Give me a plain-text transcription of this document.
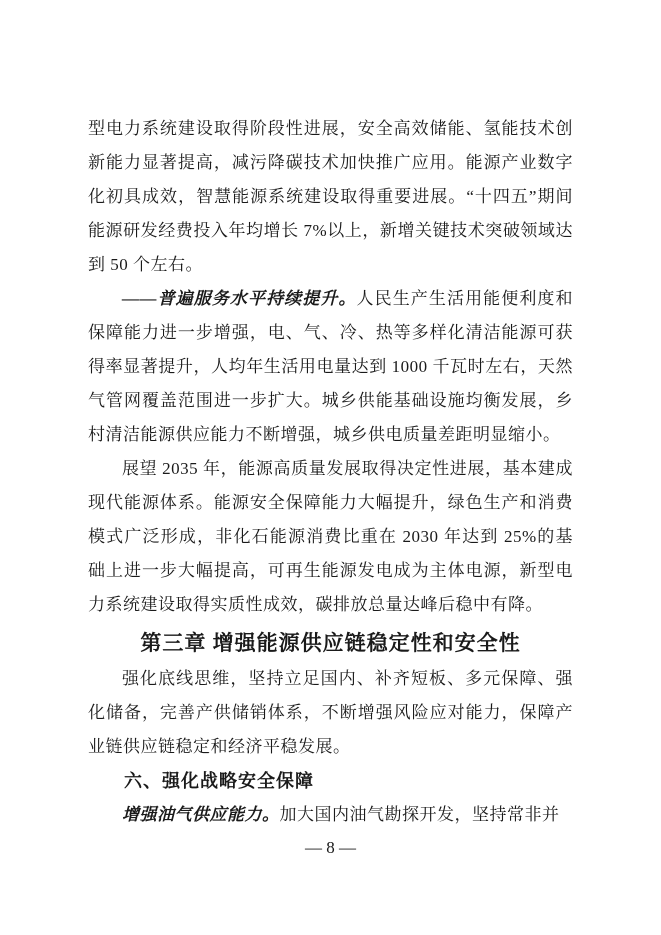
型电力系统建设取得阶段性进展，安全高效储能、氢能技术创新能力显著提高，减污降碳技术加快推广应用。能源产业数字化初具成效，智慧能源系统建设取得重要进展。“十四五”期间能源研发经费投入年均增长 7%以上，新增关键技术突破领域达到 50 个左右。

——普遍服务水平持续提升。人民生产生活用能便利度和保障能力进一步增强，电、气、冷、热等多样化清洁能源可获得率显著提升，人均年生活用电量达到 1000 千瓦时左右，天然气管网覆盖范围进一步扩大。城乡供能基础设施均衡发展，乡村清洁能源供应能力不断增强，城乡供电质量差距明显缩小。

展望 2035 年，能源高质量发展取得决定性进展，基本建成现代能源体系。能源安全保障能力大幅提升，绿色生产和消费模式广泛形成，非化石能源消费比重在 2030 年达到 25%的基础上进一步大幅提高，可再生能源发电成为主体电源，新型电力系统建设取得实质性成效，碳排放总量达峰后稳中有降。

第三章 增强能源供应链稳定性和安全性

强化底线思维，坚持立足国内、补齐短板、多元保障、强化储备，完善产供储销体系，不断增强风险应对能力，保障产业链供应链稳定和经济平稳发展。

六、强化战略安全保障

增强油气供应能力。加大国内油气勘探开发，坚持常非并

— 8 —
